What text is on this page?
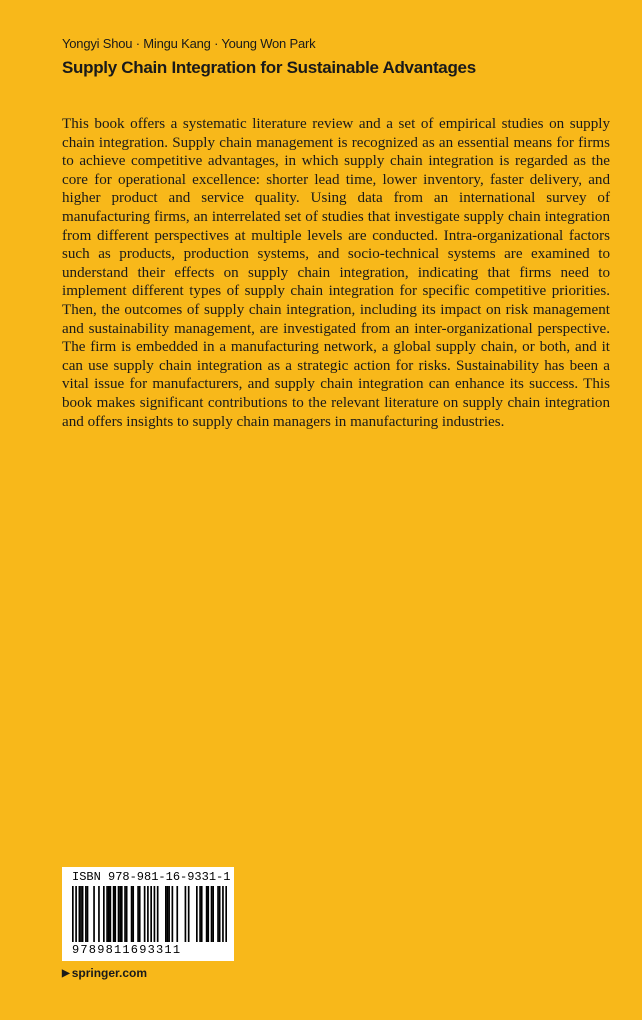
Yongyi Shou · Mingu Kang · Young Won Park
Supply Chain Integration for Sustainable Advantages

This book offers a systematic literature review and a set of empirical studies on supply chain integration. Supply chain management is recognized as an essential means for firms to achieve competitive advantages, in which supply chain integration is regarded as the core for operational excellence: shorter lead time, lower inventory, faster delivery, and higher product and service quality. Using data from an international survey of manufacturing firms, an interrelated set of studies that investigate supply chain integration from different perspectives at multiple levels are conducted. Intra-organizational factors such as products, production systems, and socio-technical systems are examined to understand their effects on supply chain integration, indicating that firms need to implement different types of supply chain integration for specific competitive priorities. Then, the outcomes of supply chain integration, including its impact on risk management and sustainability management, are investigated from an inter-organizational perspective. The firm is embedded in a manufacturing network, a global supply chain, or both, and it can use supply chain integration as a strategic action for risks. Sustainability has been a vital issue for manufacturers, and supply chain integration can enhance its success. This book makes significant contributions to the relevant literature on supply chain integration and offers insights to supply chain managers in manufacturing industries.

ISBN 978-981-16-9331-1
9789811693311
▶ springer.com
